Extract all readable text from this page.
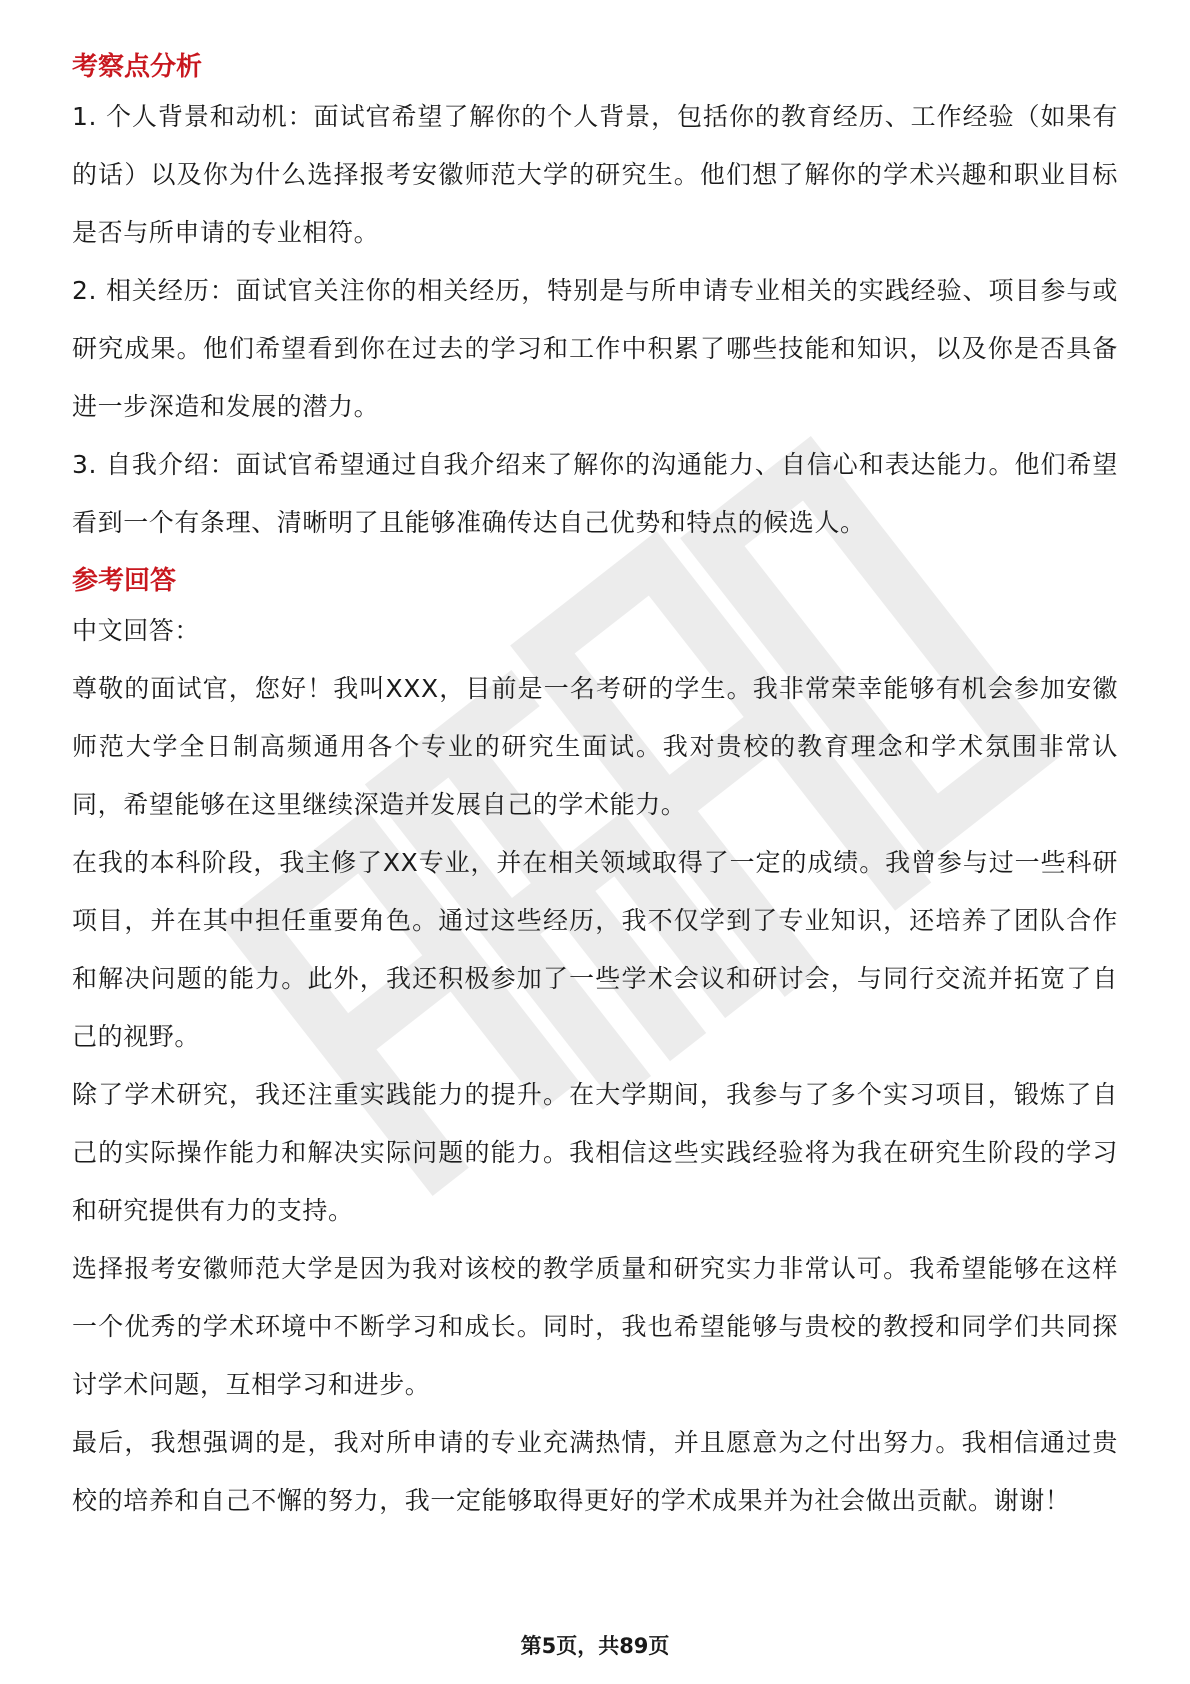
考察点分析

1. 个人背景和动机：面试官希望了解你的个人背景，包括你的教育经历、工作经验（如果有的话）以及你为什么选择报考安徽师范大学的研究生。他们想了解你的学术兴趣和职业目标是否与所申请的专业相符。

2. 相关经历：面试官关注你的相关经历，特别是与所申请专业相关的实践经验、项目参与或研究成果。他们希望看到你在过去的学习和工作中积累了哪些技能和知识，以及你是否具备进一步深造和发展的潜力。

3. 自我介绍：面试官希望通过自我介绍来了解你的沟通能力、自信心和表达能力。他们希望看到一个有条理、清晰明了且能够准确传达自己优势和特点的候选人。

参考回答

中文回答：

尊敬的面试官，您好！我叫XXX，目前是一名考研的学生。我非常荣幸能够有机会参加安徽师范大学全日制高频通用各个专业的研究生面试。我对贵校的教育理念和学术氛围非常认同，希望能够在这里继续深造并发展自己的学术能力。

在我的本科阶段，我主修了XX专业，并在相关领域取得了一定的成绩。我曾参与过一些科研项目，并在其中担任重要角色。通过这些经历，我不仅学到了专业知识，还培养了团队合作和解决问题的能力。此外，我还积极参加了一些学术会议和研讨会，与同行交流并拓宽了自己的视野。

除了学术研究，我还注重实践能力的提升。在大学期间，我参与了多个实习项目，锻炼了自己的实际操作能力和解决实际问题的能力。我相信这些实践经验将为我在研究生阶段的学习和研究提供有力的支持。

选择报考安徽师范大学是因为我对该校的教学质量和研究实力非常认可。我希望能够在这样一个优秀的学术环境中不断学习和成长。同时，我也希望能够与贵校的教授和同学们共同探讨学术问题，互相学习和进步。

最后，我想强调的是，我对所申请的专业充满热情，并且愿意为之付出努力。我相信通过贵校的培养和自己不懈的努力，我一定能够取得更好的学术成果并为社会做出贡献。谢谢！

第5页，共89页
